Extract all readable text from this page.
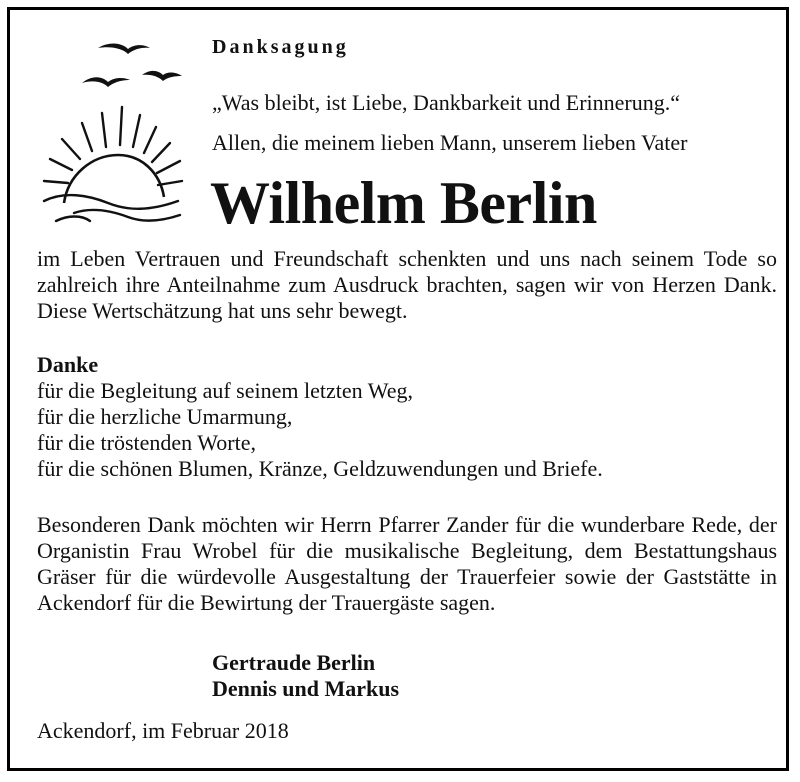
Danksagung

„Was bleibt, ist Liebe, Dankbarkeit und Erinnerung.“

Allen, die meinem lieben Mann, unserem lieben Vater

Wilhelm Berlin

im Leben Vertrauen und Freundschaft schenkten und uns nach seinem Tode so zahlreich ihre Anteilnahme zum Ausdruck brachten, sagen wir von Herzen Dank. Diese Wertschätzung hat uns sehr bewegt.

Danke

für die Begleitung auf seinem letzten Weg,
für die herzliche Umarmung,
für die tröstenden Worte,
für die schönen Blumen, Kränze, Geldzuwendungen und Briefe.

Besonderen Dank möchten wir Herrn Pfarrer Zander für die wunderbare Rede, der Organistin Frau Wrobel für die musikalische Begleitung, dem Bestattungshaus Gräser für die würdevolle Ausgestaltung der Trauerfeier sowie der Gaststätte in Ackendorf für die Bewirtung der Trauergäste sagen.

Gertraude Berlin
Dennis und Markus

Ackendorf, im Februar 2018
